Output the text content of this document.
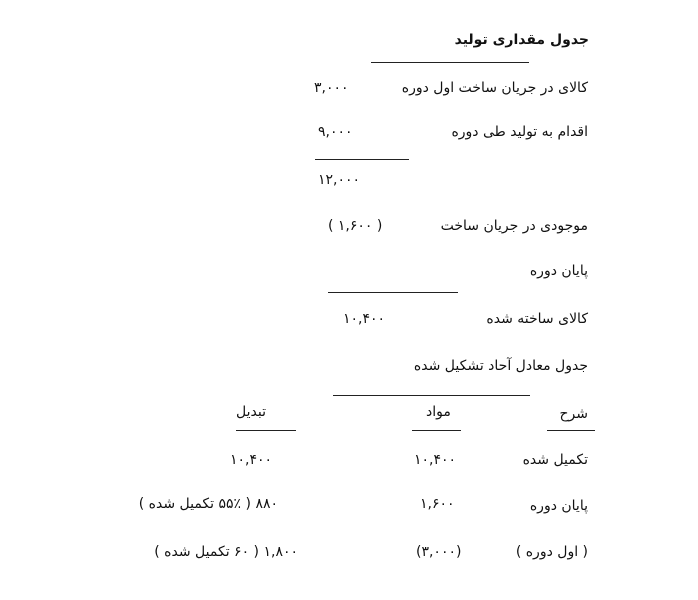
جدول مقداری تولید
کالای در جریان ساخت اول دوره
۳,۰۰۰
اقدام به تولید طی دوره
۹,۰۰۰
۱۲,۰۰۰
موجودی در جریان ساخت
( ۱,۶۰۰ )
پایان دوره
کالای ساخته شده
۱۰,۴۰۰
جدول معادل آحاد تشکیل شده
شرح
مواد
تبدیل
تکمیل شده
۱۰,۴۰۰
۱۰,۴۰۰
پایان دوره
۱,۶۰۰
۸۸۰ ( ۵۵٪ تکمیل شده )
( اول دوره )
(۳,۰۰۰)
۱,۸۰۰ ( ۶۰ تکمیل شده )
